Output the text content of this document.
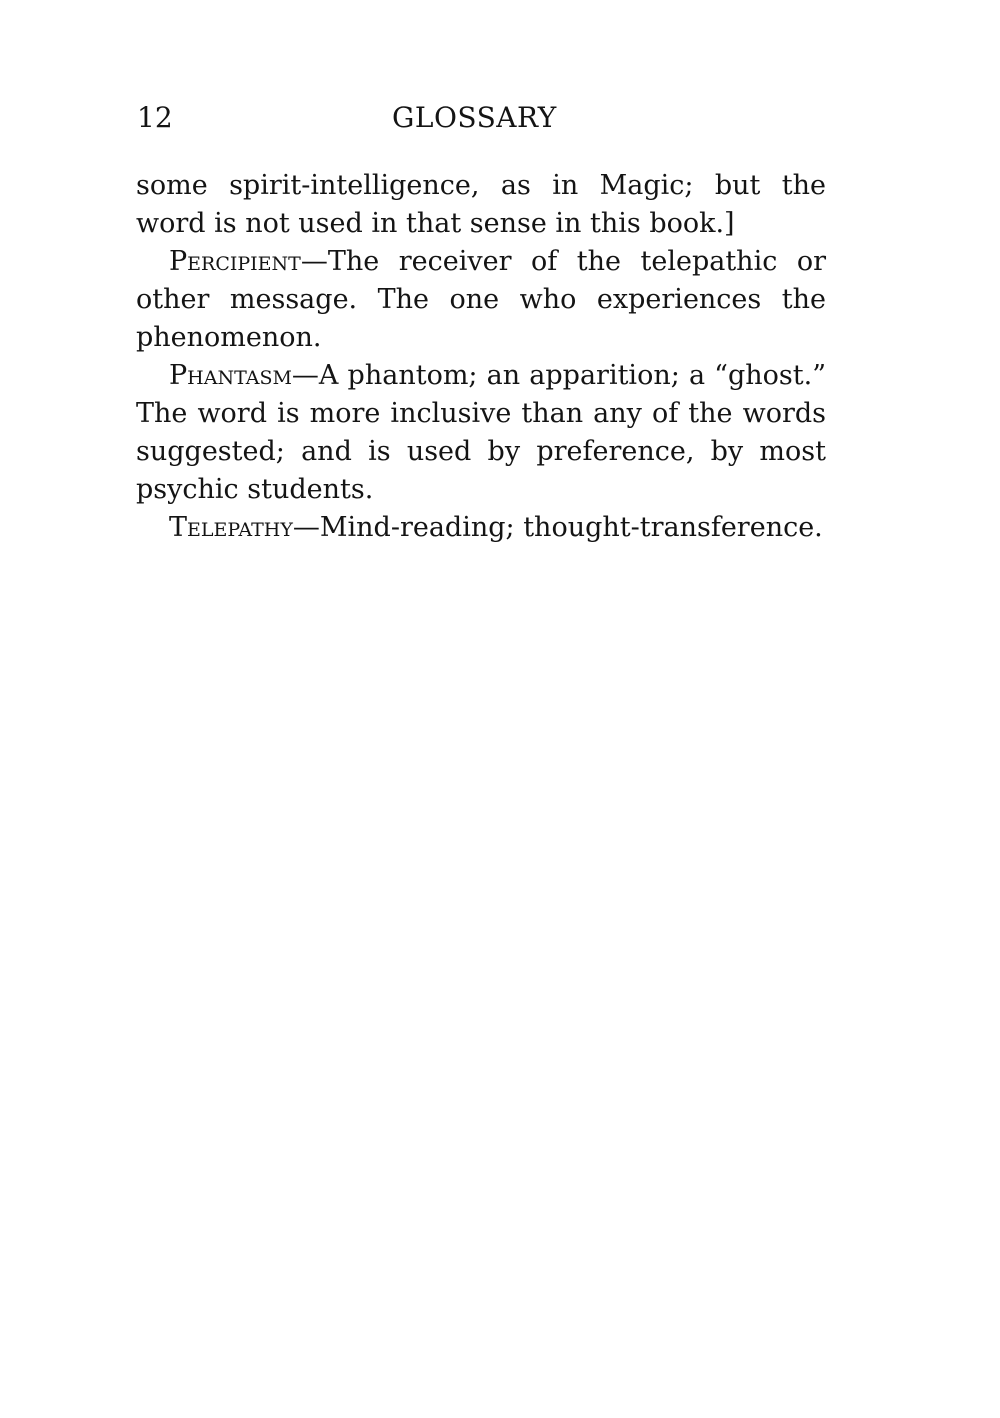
12	GLOSSARY

some spirit-intelligence, as in Magic; but the word is not used in that sense in this book.]

Percipient—The receiver of the telepathic or other message. The one who experiences the phenomenon.

Phantasm—A phantom; an apparition; a “ghost.” The word is more inclusive than any of the words suggested; and is used by preference, by most psychic students.

Telepathy—Mind-reading; thought-transference.
